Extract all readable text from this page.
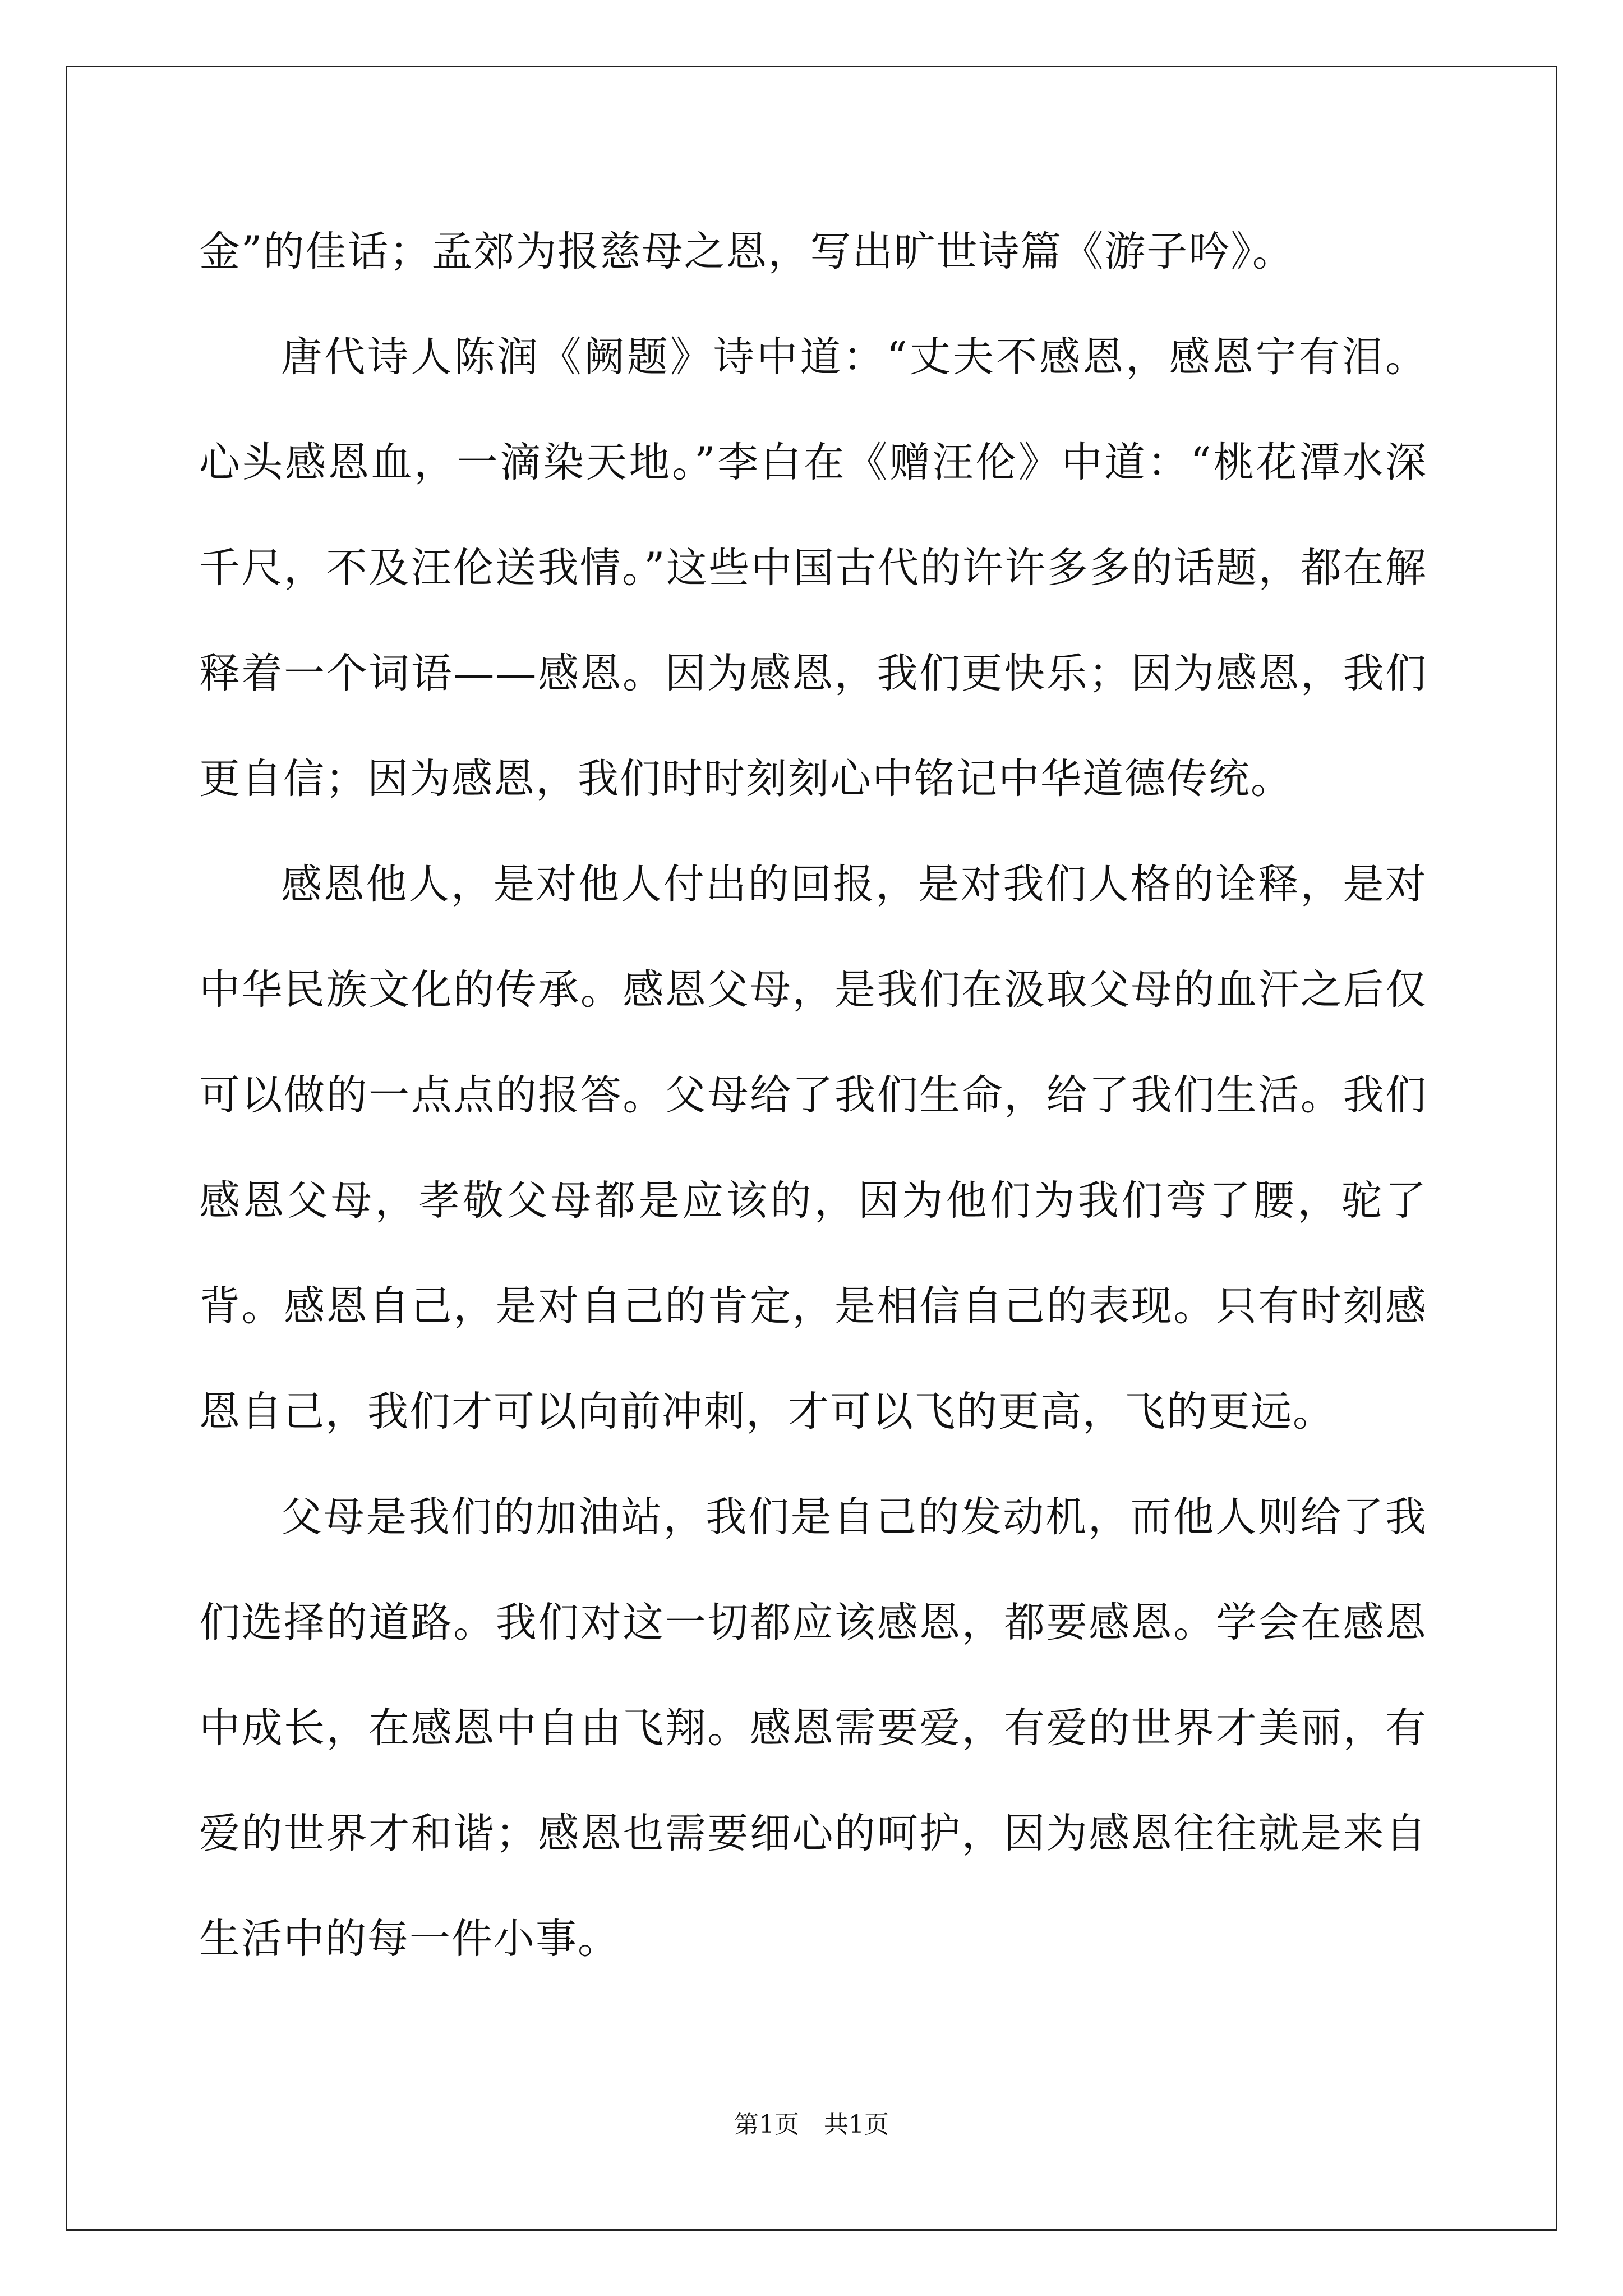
金”的佳话；孟郊为报慈母之恩，写出旷世诗篇《游子吟》。

唐代诗人陈润《阙题》诗中道：“丈夫不感恩，感恩宁有泪。心头感恩血，一滴染天地。”李白在《赠汪伦》中道：“桃花潭水深千尺，不及汪伦送我情。”这些中国古代的许许多多的话题，都在解释着一个词语——感恩。因为感恩，我们更快乐；因为感恩，我们更自信；因为感恩，我们时时刻刻心中铭记中华道德传统。

感恩他人，是对他人付出的回报，是对我们人格的诠释，是对中华民族文化的传承。感恩父母，是我们在汲取父母的血汗之后仅可以做的一点点的报答。父母给了我们生命，给了我们生活。我们感恩父母，孝敬父母都是应该的，因为他们为我们弯了腰，驼了背。感恩自己，是对自己的肯定，是相信自己的表现。只有时刻感恩自己，我们才可以向前冲刺，才可以飞的更高，飞的更远。

父母是我们的加油站，我们是自己的发动机，而他人则给了我们选择的道路。我们对这一切都应该感恩，都要感恩。学会在感恩中成长，在感恩中自由飞翔。感恩需要爱，有爱的世界才美丽，有爱的世界才和谐；感恩也需要细心的呵护，因为感恩往往就是来自生活中的每一件小事。

第1页 共1页
